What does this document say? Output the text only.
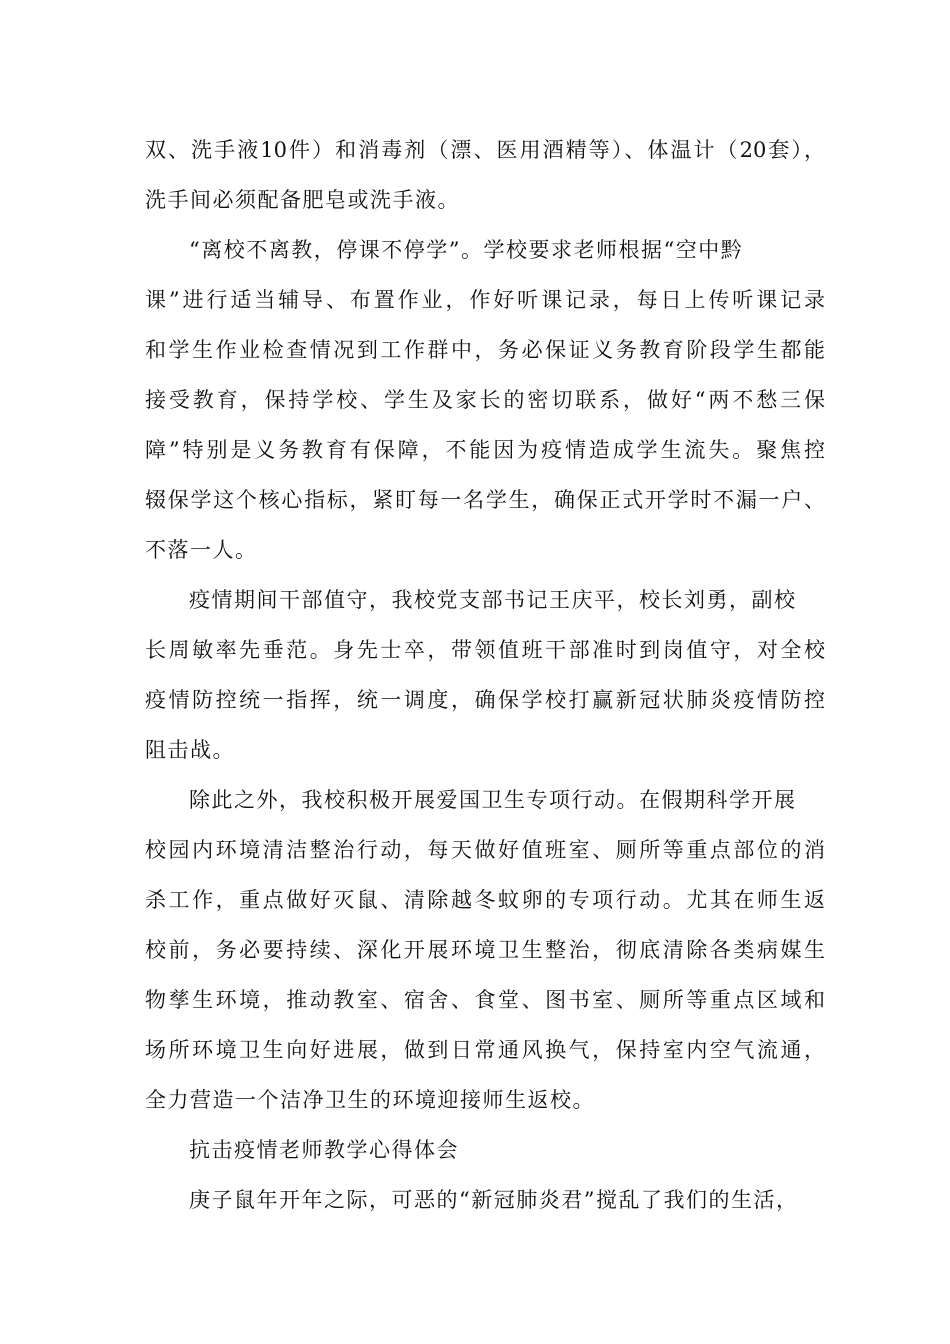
双、洗手液10件）和消毒剂（漂、医用酒精等）、体温计（20套），
洗手间必须配备肥皂或洗手液。
“离校不离教，停课不停学”。学校要求老师根据“空中黔
课”进行适当辅导、布置作业，作好听课记录，每日上传听课记录
和学生作业检查情况到工作群中，务必保证义务教育阶段学生都能
接受教育，保持学校、学生及家长的密切联系，做好“两不愁三保
障”特别是义务教育有保障，不能因为疫情造成学生流失。聚焦控
辍保学这个核心指标，紧盯每一名学生，确保正式开学时不漏一户、
不落一人。
疫情期间干部值守，我校党支部书记王庆平，校长刘勇，副校
长周敏率先垂范。身先士卒，带领值班干部准时到岗值守，对全校
疫情防控统一指挥，统一调度，确保学校打赢新冠状肺炎疫情防控
阻击战。
除此之外，我校积极开展爱国卫生专项行动。在假期科学开展
校园内环境清洁整治行动，每天做好值班室、厕所等重点部位的消
杀工作，重点做好灭鼠、清除越冬蚊卵的专项行动。尤其在师生返
校前，务必要持续、深化开展环境卫生整治，彻底清除各类病媒生
物孳生环境，推动教室、宿舍、食堂、图书室、厕所等重点区域和
场所环境卫生向好进展，做到日常通风换气，保持室内空气流通，
全力营造一个洁净卫生的环境迎接师生返校。
抗击疫情老师教学心得体会
庚子鼠年开年之际，可恶的“新冠肺炎君”搅乱了我们的生活，
